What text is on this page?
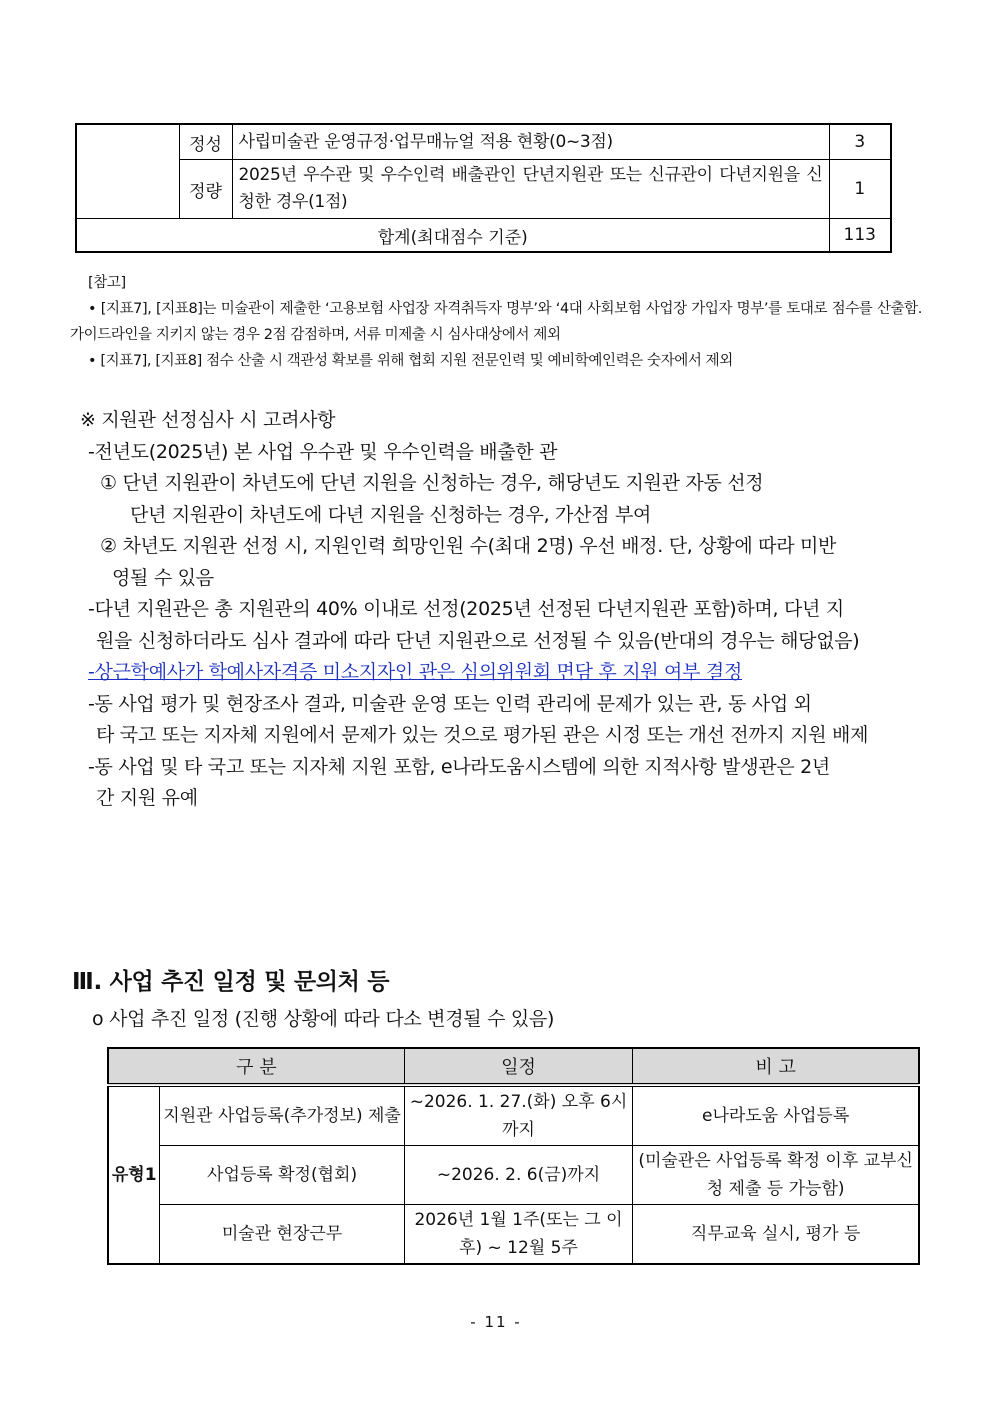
	정성	사립미술관 운영규정·업무매뉴얼 적용 현황(0~3점)	3
	정량	2025년 우수관 및 우수인력 배출관인 단년지원관 또는 신규관이 다년지원을 신청한 경우(1점)	1
합계(최대점수 기준)			113
[참고]
• [지표7], [지표8]는 미술관이 제출한 ‘고용보험 사업장 자격취득자 명부’와 ‘4대 사회보험 사업장 가입자 명부’를 토대로 점수를 산출함. 가이드라인을 지키지 않는 경우 2점 감점하며, 서류 미제출 시 심사대상에서 제외
• [지표7], [지표8] 점수 산출 시 객관성 확보를 위해 협회 지원 전문인력 및 예비학예인력은 숫자에서 제외
※ 지원관 선정심사 시 고려사항
-전년도(2025년) 본 사업 우수관 및 우수인력을 배출한 관
① 단년 지원관이 차년도에 단년 지원을 신청하는 경우, 해당년도 지원관 자동 선정
단년 지원관이 차년도에 다년 지원을 신청하는 경우, 가산점 부여
② 차년도 지원관 선정 시, 지원인력 희망인원 수(최대 2명) 우선 배정. 단, 상황에 따라 미반
영될 수 있음
-다년 지원관은 총 지원관의 40% 이내로 선정(2025년 선정된 다년지원관 포함)하며, 다년 지
원을 신청하더라도 심사 결과에 따라 단년 지원관으로 선정될 수 있음(반대의 경우는 해당없음)
-상근학예사가 학예사자격증 미소지자인 관은 심의위원회 면담 후 지원 여부 결정
-동 사업 평가 및 현장조사 결과, 미술관 운영 또는 인력 관리에 문제가 있는 관, 동 사업 외
타 국고 또는 지자체 지원에서 문제가 있는 것으로 평가된 관은 시정 또는 개선 전까지 지원 배제
-동 사업 및 타 국고 또는 지자체 지원 포함, e나라도움시스템에 의한 지적사항 발생관은 2년
간 지원 유예
Ⅲ. 사업 추진 일정 및 문의처 등
o 사업 추진 일정 (진행 상황에 따라 다소 변경될 수 있음)
구 분		일정	비 고
유형1	지원관 사업등록(추가정보) 제출	~2026. 1. 27.(화) 오후 6시까지	e나라도움 사업등록
	사업등록 확정(협회)	~2026. 2. 6(금)까지	(미술관은 사업등록 확정 이후 교부신청 제출 등 가능함)
	미술관 현장근무	2026년 1월 1주(또는 그 이후) ~ 12월 5주	직무교육 실시, 평가 등
- 11 -
